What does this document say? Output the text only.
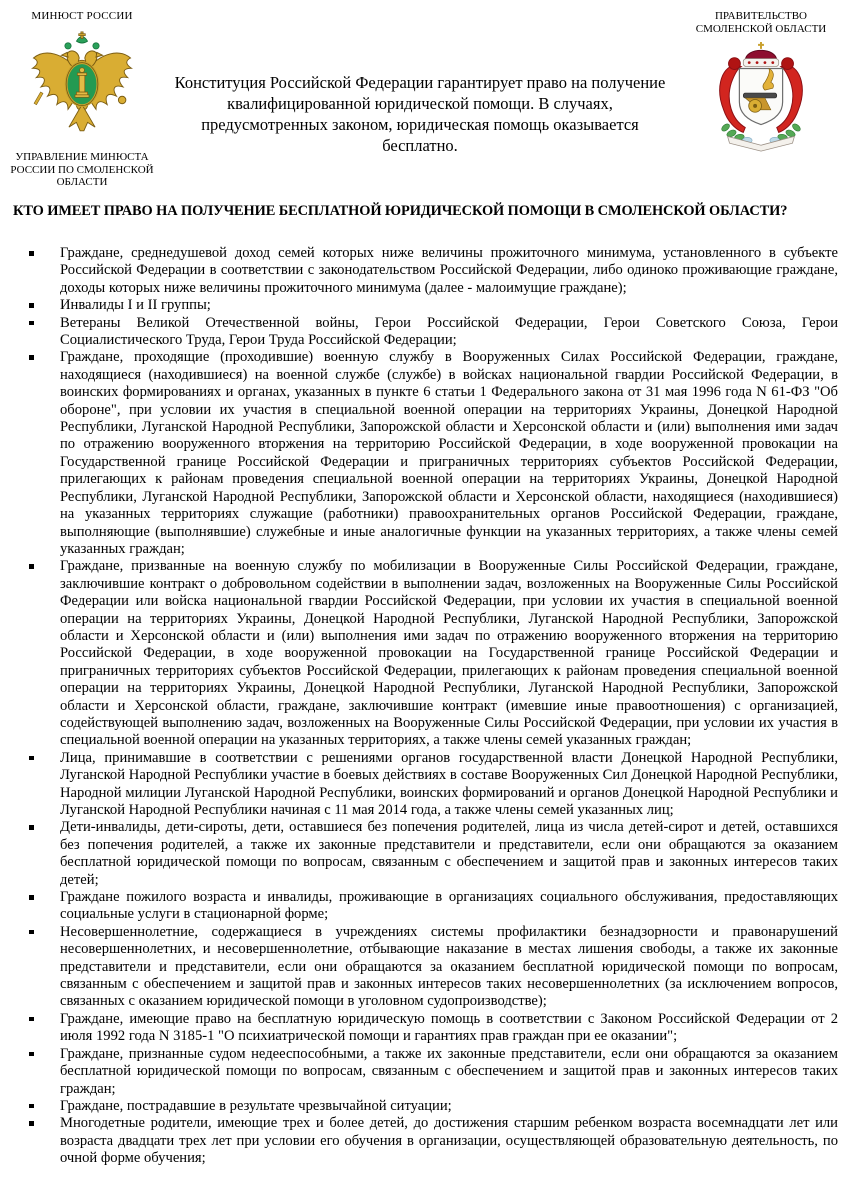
МИНЮСТ РОССИИ
УПРАВЛЕНИЕ МИНЮСТА РОССИИ ПО СМОЛЕНСКОЙ ОБЛАСТИ
Конституция Российской Федерации гарантирует право на получение квалифицированной юридической помощи. В случаях, предусмотренных законом, юридическая помощь оказывается бесплатно.
ПРАВИТЕЛЬСТВО СМОЛЕНСКОЙ ОБЛАСТИ
КТО ИМЕЕТ ПРАВО НА ПОЛУЧЕНИЕ БЕСПЛАТНОЙ ЮРИДИЧЕСКОЙ ПОМОЩИ В СМОЛЕНСКОЙ ОБЛАСТИ?
Граждане, среднедушевой доход семей которых ниже величины прожиточного минимума, установленного в субъекте Российской Федерации в соответствии с законодательством Российской Федерации, либо одиноко проживающие граждане, доходы которых ниже величины прожиточного минимума (далее - малоимущие граждане);
Инвалиды I и II группы;
Ветераны Великой Отечественной войны, Герои Российской Федерации, Герои Советского Союза, Герои Социалистического Труда, Герои Труда Российской Федерации;
Граждане, проходящие (проходившие) военную службу в Вооруженных Силах Российской Федерации, граждане, находящиеся (находившиеся) на военной службе (службе) в войсках национальной гвардии Российской Федерации, в воинских формированиях и органах, указанных в пункте 6 статьи 1 Федерального закона от 31 мая 1996 года N 61-ФЗ "Об обороне", при условии их участия в специальной военной операции на территориях Украины, Донецкой Народной Республики, Луганской Народной Республики, Запорожской области и Херсонской области и (или) выполнения ими задач по отражению вооруженного вторжения на территорию Российской Федерации, в ходе вооруженной провокации на Государственной границе Российской Федерации и приграничных территориях субъектов Российской Федерации, прилегающих к районам проведения специальной военной операции на территориях Украины, Донецкой Народной Республики, Луганской Народной Республики, Запорожской области и Херсонской области, находящиеся (находившиеся) на указанных территориях служащие (работники) правоохранительных органов Российской Федерации, граждане, выполняющие (выполнявшие) служебные и иные аналогичные функции на указанных территориях, а также члены семей указанных граждан;
Граждане, призванные на военную службу по мобилизации в Вооруженные Силы Российской Федерации, граждане, заключившие контракт о добровольном содействии в выполнении задач, возложенных на Вооруженные Силы Российской Федерации или войска национальной гвардии Российской Федерации, при условии их участия в специальной военной операции на территориях Украины, Донецкой Народной Республики, Луганской Народной Республики, Запорожской области и Херсонской области и (или) выполнения ими задач по отражению вооруженного вторжения на территорию Российской Федерации, в ходе вооруженной провокации на Государственной границе Российской Федерации и приграничных территориях субъектов Российской Федерации, прилегающих к районам проведения специальной военной операции на территориях Украины, Донецкой Народной Республики, Луганской Народной Республики, Запорожской области и Херсонской области, граждане, заключившие контракт (имевшие иные правоотношения) с организацией, содействующей выполнению задач, возложенных на Вооруженные Силы Российской Федерации, при условии их участия в специальной военной операции на указанных территориях, а также члены семей указанных граждан;
Лица, принимавшие в соответствии с решениями органов государственной власти Донецкой Народной Республики, Луганской Народной Республики участие в боевых действиях в составе Вооруженных Сил Донецкой Народной Республики, Народной милиции Луганской Народной Республики, воинских формирований и органов Донецкой Народной Республики и Луганской Народной Республики начиная с 11 мая 2014 года, а также члены семей указанных лиц;
Дети-инвалиды, дети-сироты, дети, оставшиеся без попечения родителей, лица из числа детей-сирот и детей, оставшихся без попечения родителей, а также их законные представители и представители, если они обращаются за оказанием бесплатной юридической помощи по вопросам, связанным с обеспечением и защитой прав и законных интересов таких детей;
Граждане пожилого возраста и инвалиды, проживающие в организациях социального обслуживания, предоставляющих социальные услуги в стационарной форме;
Несовершеннолетние, содержащиеся в учреждениях системы профилактики безнадзорности и правонарушений несовершеннолетних, и несовершеннолетние, отбывающие наказание в местах лишения свободы, а также их законные представители и представители, если они обращаются за оказанием бесплатной юридической помощи по вопросам, связанным с обеспечением и защитой прав и законных интересов таких несовершеннолетних (за исключением вопросов, связанных с оказанием юридической помощи в уголовном судопроизводстве);
Граждане, имеющие право на бесплатную юридическую помощь в соответствии с Законом Российской Федерации от 2 июля 1992 года N 3185-1 "О психиатрической помощи и гарантиях прав граждан при ее оказании";
Граждане, признанные судом недееспособными, а также их законные представители, если они обращаются за оказанием бесплатной юридической помощи по вопросам, связанным с обеспечением и защитой прав и законных интересов таких граждан;
Граждане, пострадавшие в результате чрезвычайной ситуации;
Многодетные родители, имеющие трех и более детей, до достижения старшим ребенком возраста восемнадцати лет или возраста двадцати трех лет при условии его обучения в организации, осуществляющей образовательную деятельность, по очной форме обучения;
